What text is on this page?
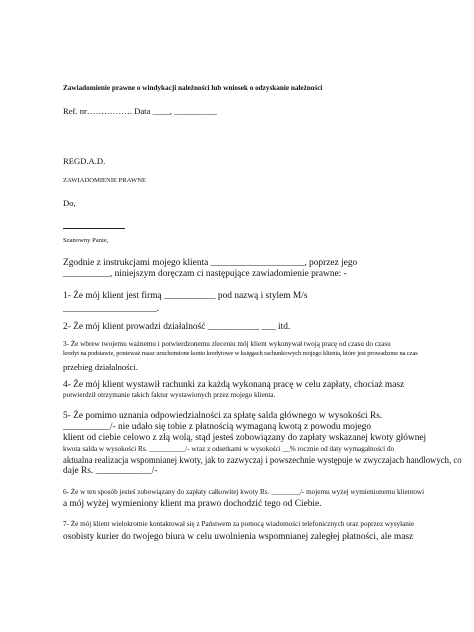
Zawiadomienie prawne o windykacji należności lub wniosek o odzyskanie należności
Ref. nr……………. Data ____, __________
REGD.A.D.
ZAWIADOMIENIE PRAWNE
Do,
Szanowny Panie,
Zgodnie z instrukcjami mojego klienta ____________________, poprzez jego
__________, niniejszym doręczam ci następujące zawiadomienie prawne: -
1- Że mój klient jest firmą ___________ pod nazwą i stylem M/s
____________________.
2- Że mój klient prowadzi działalność ___________ ___ itd.
3- Że wbrew twojemu ważnemu i potwierdzonemu zleceniu mój klient wykonywał twoją pracę od czasu do czasu
kredyt na podstawie, ponieważ masz uruchomione konto kredytowe w księgach rachunkowych mojego klienta, które jest prowadzone na czas
przebieg działalności.
4- Że mój klient wystawił rachunki za każdą wykonaną pracę w celu zapłaty, chociaż masz
potwierdził otrzymanie takich faktur wystawionych przez mojego klienta.
5- Że pomimo uznania odpowiedzialności za spłatę salda głównego w wysokości Rs.
__________/- nie udało się tobie z płatnością wymaganą kwotą z powodu mojego
klient od ciebie celowo z złą wolą, stąd jesteś zobowiązany do zapłaty wskazanej kwoty głównej
kwota salda w wysokości Rs. __________/- wraz z odsetkami w wysokości __% rocznie od daty wymagalności do
aktualna realizacja wspomnianej kwoty, jak to zazwyczaj i powszechnie występuje w zwyczajach handlowych, co
daje Rs. ____________/-
6- Że w ten sposób jesteś zobowiązany do zapłaty całkowitej kwoty Rs. ________/- mojemu wyżej wymienionemu klientowi
a mój wyżej wymieniony klient ma prawo dochodzić tego od Ciebie.
7- Że mój klient wielokrotnie kontaktował się z Państwem za pomocą wiadomości telefonicznych oraz poprzez wysyłanie
osobisty kurier do twojego biura w celu uwolnienia wspomnianej zaległej płatności, ale masz
